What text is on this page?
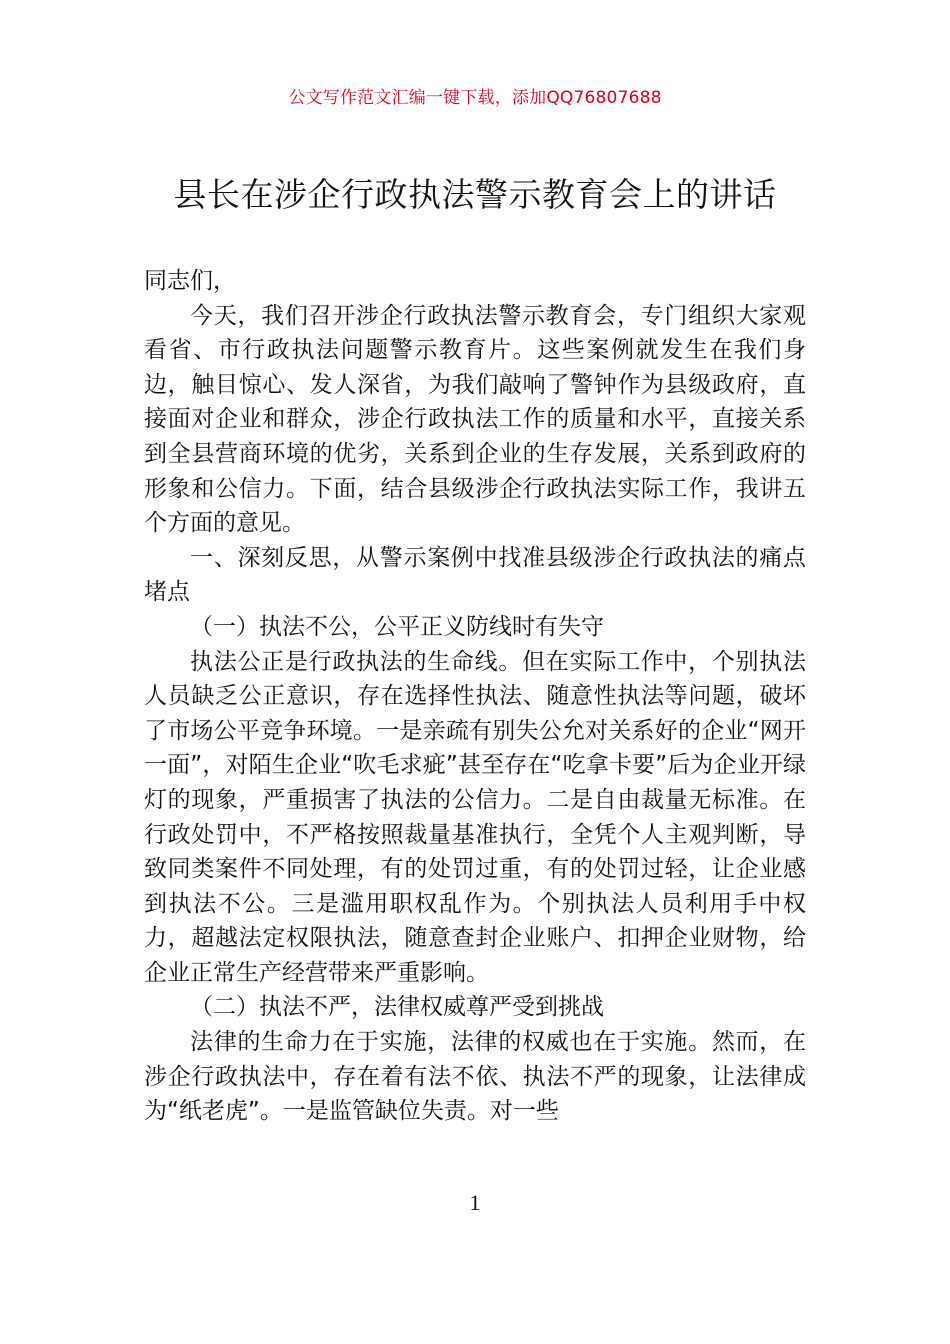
公文写作范文汇编一键下载，添加QQ76807688
县长在涉企行政执法警示教育会上的讲话

同志们，

今天，我们召开涉企行政执法警示教育会，专门组织大家观看省、市行政执法问题警示教育片。这些案例就发生在我们身边，触目惊心、发人深省，为我们敲响了警钟作为县级政府，直接面对企业和群众，涉企行政执法工作的质量和水平，直接关系到全县营商环境的优劣，关系到企业的生存发展，关系到政府的形象和公信力。下面，结合县级涉企行政执法实际工作，我讲五个方面的意见。

一、深刻反思，从警示案例中找准县级涉企行政执法的痛点堵点

（一）执法不公，公平正义防线时有失守

执法公正是行政执法的生命线。但在实际工作中，个别执法人员缺乏公正意识，存在选择性执法、随意性执法等问题，破坏了市场公平竞争环境。一是亲疏有别失公允对关系好的企业“网开一面”，对陌生企业“吹毛求疵”甚至存在“吃拿卡要”后为企业开绿灯的现象，严重损害了执法的公信力。二是自由裁量无标准。在行政处罚中，不严格按照裁量基准执行，全凭个人主观判断，导致同类案件不同处理，有的处罚过重，有的处罚过轻，让企业感到执法不公。三是滥用职权乱作为。个别执法人员利用手中权力，超越法定权限执法，随意查封企业账户、扣押企业财物，给企业正常生产经营带来严重影响。

（二）执法不严，法律权威尊严受到挑战

法律的生命力在于实施，法律的权威也在于实施。然而，在涉企行政执法中，存在着有法不依、执法不严的现象，让法律成为“纸老虎”。一是监管缺位失责。对一些

1
